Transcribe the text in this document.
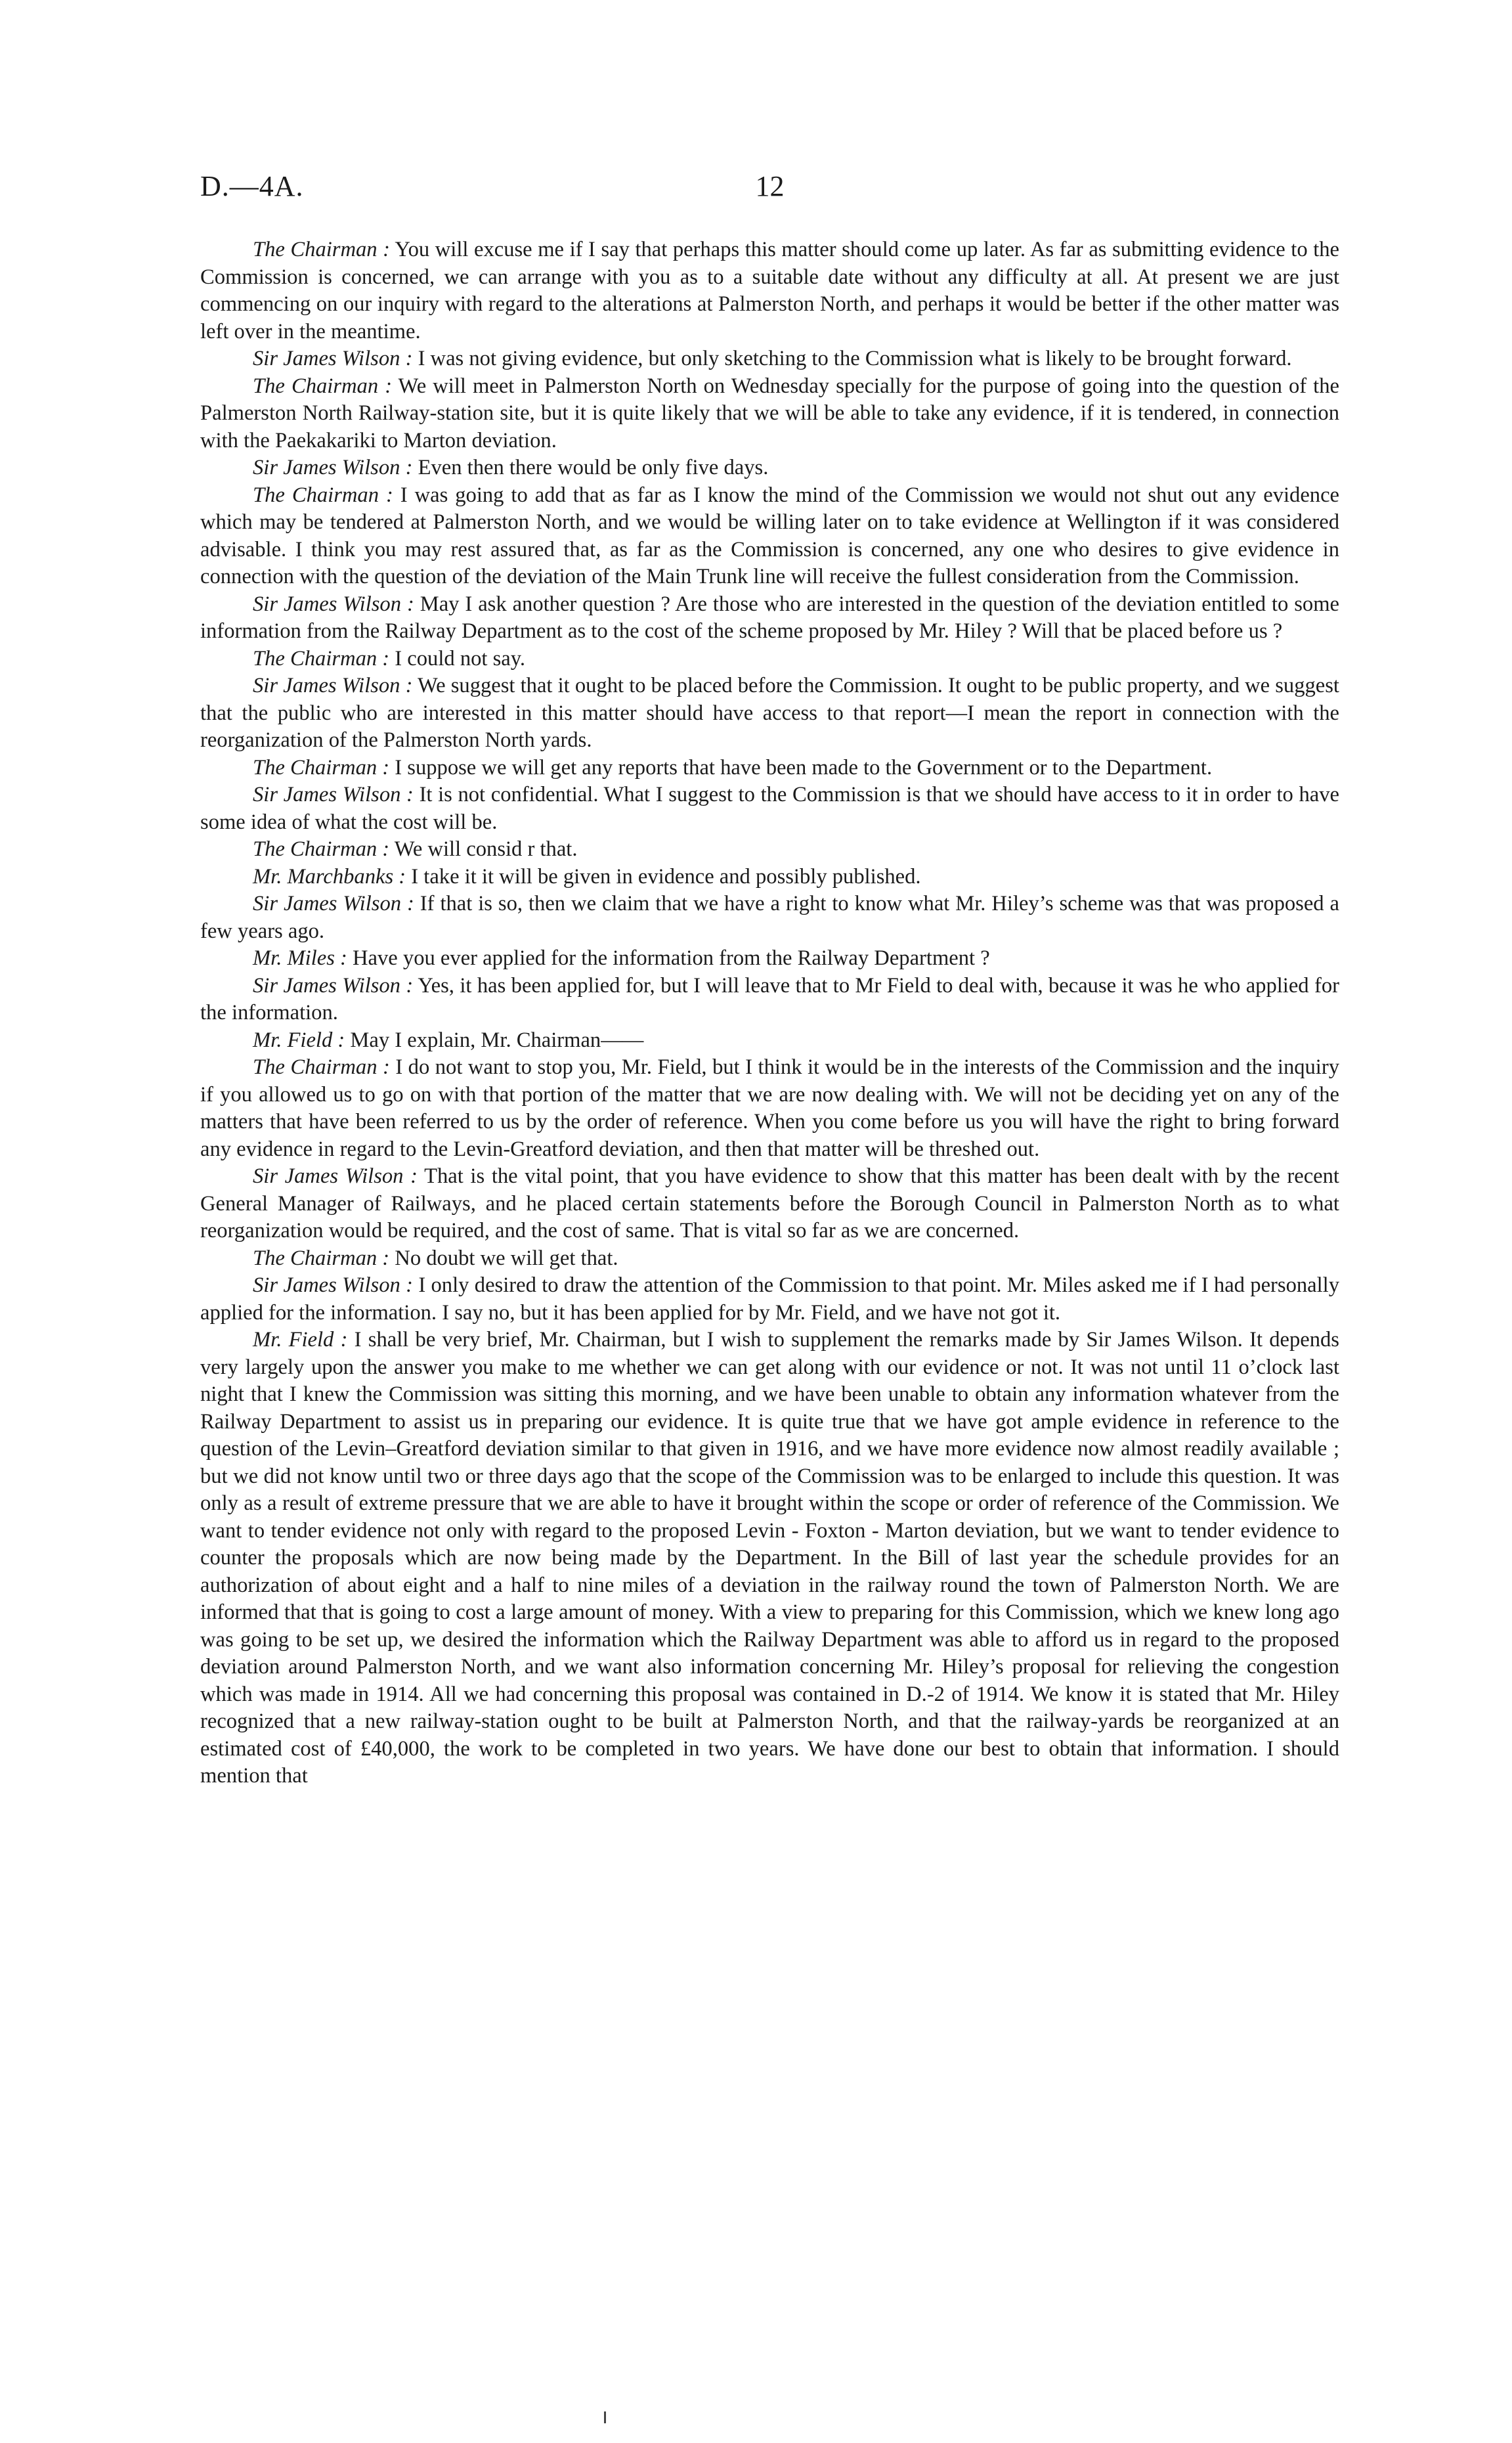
D.—4A.	12

The Chairman : You will excuse me if I say that perhaps this matter should come up later. As far as submitting evidence to the Commission is concerned, we can arrange with you as to a suitable date without any difficulty at all. At present we are just commencing on our inquiry with regard to the alterations at Palmerston North, and perhaps it would be better if the other matter was left over in the meantime.

Sir James Wilson : I was not giving evidence, but only sketching to the Commission what is likely to be brought forward.

The Chairman : We will meet in Palmerston North on Wednesday specially for the purpose of going into the question of the Palmerston North Railway-station site, but it is quite likely that we will be able to take any evidence, if it is tendered, in connection with the Paekakariki to Marton deviation.

Sir James Wilson : Even then there would be only five days.

The Chairman : I was going to add that as far as I know the mind of the Commission we would not shut out any evidence which may be tendered at Palmerston North, and we would be willing later on to take evidence at Wellington if it was considered advisable. I think you may rest assured that, as far as the Commission is concerned, any one who desires to give evidence in connection with the question of the deviation of the Main Trunk line will receive the fullest consideration from the Commission.

Sir James Wilson : May I ask another question ? Are those who are interested in the question of the deviation entitled to some information from the Railway Department as to the cost of the scheme proposed by Mr. Hiley ? Will that be placed before us ?

The Chairman : I could not say.

Sir James Wilson : We suggest that it ought to be placed before the Commission. It ought to be public property, and we suggest that the public who are interested in this matter should have access to that report—I mean the report in connection with the reorganization of the Palmerston North yards.

The Chairman : I suppose we will get any reports that have been made to the Government or to the Department.

Sir James Wilson : It is not confidential. What I suggest to the Commission is that we should have access to it in order to have some idea of what the cost will be.

The Chairman : We will consid r that.

Mr. Marchbanks : I take it it will be given in evidence and possibly published.

Sir James Wilson : If that is so, then we claim that we have a right to know what Mr. Hiley’s scheme was that was proposed a few years ago.

Mr. Miles : Have you ever applied for the information from the Railway Department ?

Sir James Wilson : Yes, it has been applied for, but I will leave that to Mr Field to deal with, because it was he who applied for the information.

Mr. Field : May I explain, Mr. Chairman——

The Chairman : I do not want to stop you, Mr. Field, but I think it would be in the interests of the Commission and the inquiry if you allowed us to go on with that portion of the matter that we are now dealing with. We will not be deciding yet on any of the matters that have been referred to us by the order of reference. When you come before us you will have the right to bring forward any evidence in regard to the Levin-Greatford deviation, and then that matter will be threshed out.

Sir James Wilson : That is the vital point, that you have evidence to show that this matter has been dealt with by the recent General Manager of Railways, and he placed certain statements before the Borough Council in Palmerston North as to what reorganization would be required, and the cost of same. That is vital so far as we are concerned.

The Chairman : No doubt we will get that.

Sir James Wilson : I only desired to draw the attention of the Commission to that point. Mr. Miles asked me if I had personally applied for the information. I say no, but it has been applied for by Mr. Field, and we have not got it.

Mr. Field : I shall be very brief, Mr. Chairman, but I wish to supplement the remarks made by Sir James Wilson. It depends very largely upon the answer you make to me whether we can get along with our evidence or not. It was not until 11 o’clock last night that I knew the Commission was sitting this morning, and we have been unable to obtain any information whatever from the Railway Department to assist us in preparing our evidence. It is quite true that we have got ample evidence in reference to the question of the Levin–Greatford deviation similar to that given in 1916, and we have more evidence now almost readily available ; but we did not know until two or three days ago that the scope of the Commission was to be enlarged to include this question. It was only as a result of extreme pressure that we are able to have it brought within the scope or order of reference of the Commission. We want to tender evidence not only with regard to the proposed Levin - Foxton - Marton deviation, but we want to tender evidence to counter the proposals which are now being made by the Department. In the Bill of last year the schedule provides for an authorization of about eight and a half to nine miles of a deviation in the railway round the town of Palmerston North. We are informed that that is going to cost a large amount of money. With a view to preparing for this Commission, which we knew long ago was going to be set up, we desired the information which the Railway Department was able to afford us in regard to the proposed deviation around Palmerston North, and we want also information concerning Mr. Hiley’s proposal for relieving the congestion which was made in 1914. All we had concerning this proposal was contained in D.-2 of 1914. We know it is stated that Mr. Hiley recognized that a new railway-station ought to be built at Palmerston North, and that the railway-yards be reorganized at an estimated cost of £40,000, the work to be completed in two years. We have done our best to obtain that information. I should mention that
